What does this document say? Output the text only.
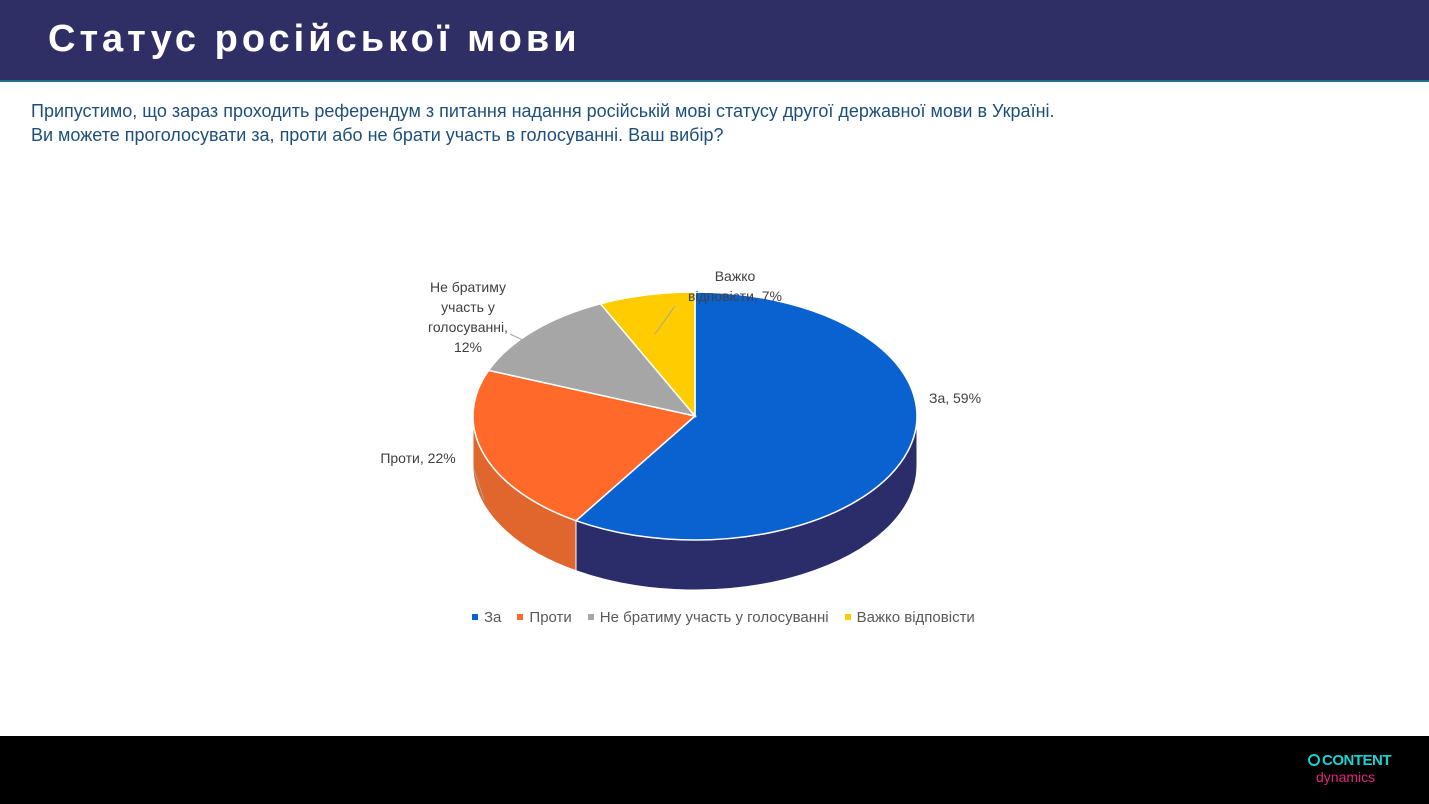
Статус російської мови
Припустимо, що зараз проходить референдум з питання надання російській мові статусу другої державної мови в Україні.
Ви можете проголосувати за, проти або не брати участь в голосуванні. Ваш вибір?
За, 59%
Проти, 22%
Не братиму участь у голосуванні, 12%
Важко відповісти, 7%
За Проти Не братиму участь у голосуванні Важко відповісти
CONTENT
dynamics
